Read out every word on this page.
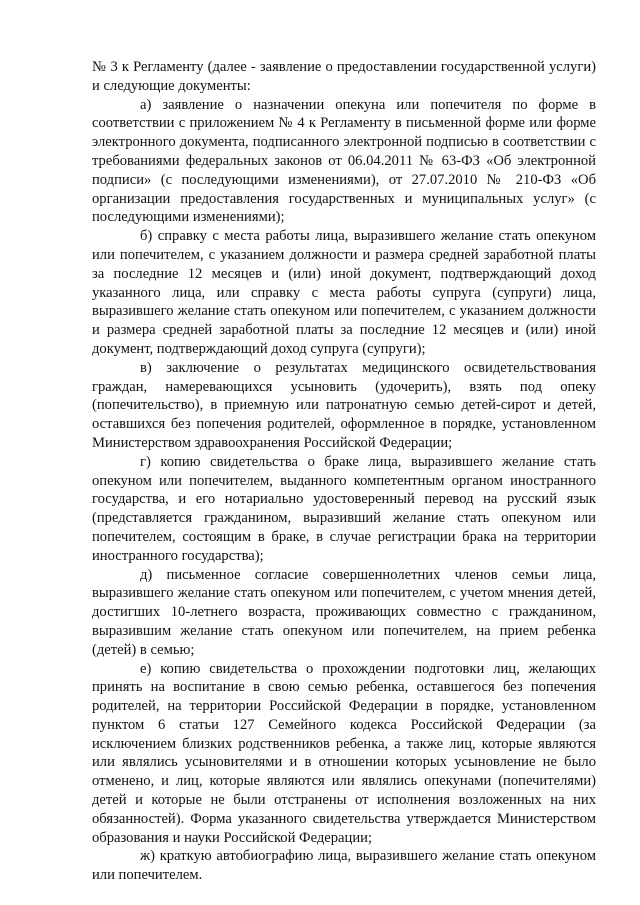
№ 3 к Регламенту (далее - заявление о предоставлении государственной услуги) и следующие документы:

а) заявление о назначении опекуна или попечителя по форме в соответствии с приложением № 4 к Регламенту в письменной форме или форме электронного документа, подписанного электронной подписью в соответствии с требованиями федеральных законов от 06.04.2011 № 63-ФЗ «Об электронной подписи» (с последующими изменениями), от 27.07.2010 № 210-ФЗ «Об организации предоставления государственных и муниципальных услуг» (с последующими изменениями);

б) справку с места работы лица, выразившего желание стать опекуном или попечителем, с указанием должности и размера средней заработной платы за последние 12 месяцев и (или) иной документ, подтверждающий доход указанного лица, или справку с места работы супруга (супруги) лица, выразившего желание стать опекуном или попечителем, с указанием должности и размера средней заработной платы за последние 12 месяцев и (или) иной документ, подтверждающий доход супруга (супруги);

в) заключение о результатах медицинского освидетельствования граждан, намеревающихся усыновить (удочерить), взять под опеку (попечительство), в приемную или патронатную семью детей-сирот и детей, оставшихся без попечения родителей, оформленное в порядке, установленном Министерством здравоохранения Российской Федерации;

г) копию свидетельства о браке лица, выразившего желание стать опекуном или попечителем, выданного компетентным органом иностранного государства, и его нотариально удостоверенный перевод на русский язык (представляется гражданином, выразивший желание стать опекуном или попечителем, состоящим в браке, в случае регистрации брака на территории иностранного государства);

д) письменное согласие совершеннолетних членов семьи лица, выразившего желание стать опекуном или попечителем, с учетом мнения детей, достигших 10-летнего возраста, проживающих совместно с гражданином, выразившим желание стать опекуном или попечителем, на прием ребенка (детей) в семью;

е) копию свидетельства о прохождении подготовки лиц, желающих принять на воспитание в свою семью ребенка, оставшегося без попечения родителей, на территории Российской Федерации в порядке, установленном пунктом 6 статьи 127 Семейного кодекса Российской Федерации (за исключением близких родственников ребенка, а также лиц, которые являются или являлись усыновителями и в отношении которых усыновление не было отменено, и лиц, которые являются или являлись опекунами (попечителями) детей и которые не были отстранены от исполнения возложенных на них обязанностей). Форма указанного свидетельства утверждается Министерством образования и науки Российской Федерации;

ж) краткую автобиографию лица, выразившего желание стать опекуном или попечителем.
